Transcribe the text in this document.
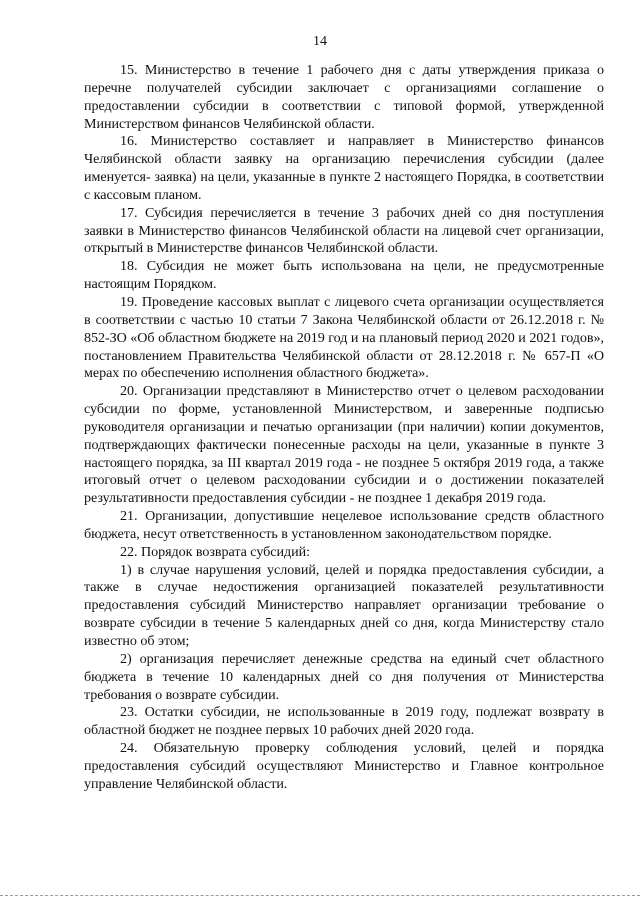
14

15. Министерство в течение 1 рабочего дня с даты утверждения приказа о перечне получателей субсидии заключает с организациями соглашение о предоставлении субсидии в соответствии с типовой формой, утвержденной Министерством финансов Челябинской области.

16. Министерство составляет и направляет в Министерство финансов Челябинской области заявку на организацию перечисления субсидии (далее именуется- заявка) на цели, указанные в пункте 2 настоящего Порядка, в соответствии с кассовым планом.

17. Субсидия перечисляется в течение 3 рабочих дней со дня поступления заявки в Министерство финансов Челябинской области на лицевой счет организации, открытый в Министерстве финансов Челябинской области.

18. Субсидия не может быть использована на цели, не предусмотренные настоящим Порядком.

19. Проведение кассовых выплат с лицевого счета организации осуществляется в соответствии с частью 10 статьи 7 Закона Челябинской области от 26.12.2018 г. № 852-ЗО «Об областном бюджете на 2019 год и на плановый период 2020 и 2021 годов», постановлением Правительства Челябинской области от 28.12.2018 г. № 657-П «О мерах по обеспечению исполнения областного бюджета».

20. Организации представляют в Министерство отчет о целевом расходовании субсидии по форме, установленной Министерством, и заверенные подписью руководителя организации и печатью организации (при наличии) копии документов, подтверждающих фактически понесенные расходы на цели, указанные в пункте 3 настоящего порядка, за III квартал 2019 года - не позднее 5 октября 2019 года, а также итоговый отчет о целевом расходовании субсидии и о достижении показателей результативности предоставления субсидии - не позднее 1 декабря 2019 года.

21. Организации, допустившие нецелевое использование средств областного бюджета, несут ответственность в установленном законодательством порядке.

22. Порядок возврата субсидий:

1) в случае нарушения условий, целей и порядка предоставления субсидии, а также в случае недостижения организацией показателей результативности предоставления субсидий Министерство направляет организации требование о возврате субсидии в течение 5 календарных дней со дня, когда Министерству стало известно об этом;

2) организация перечисляет денежные средства на единый счет областного бюджета в течение 10 календарных дней со дня получения от Министерства требования о возврате субсидии.

23. Остатки субсидии, не использованные в 2019 году, подлежат возврату в областной бюджет не позднее первых 10 рабочих дней 2020 года.

24. Обязательную проверку соблюдения условий, целей и порядка предоставления субсидий осуществляют Министерство и Главное контрольное управление Челябинской области.
